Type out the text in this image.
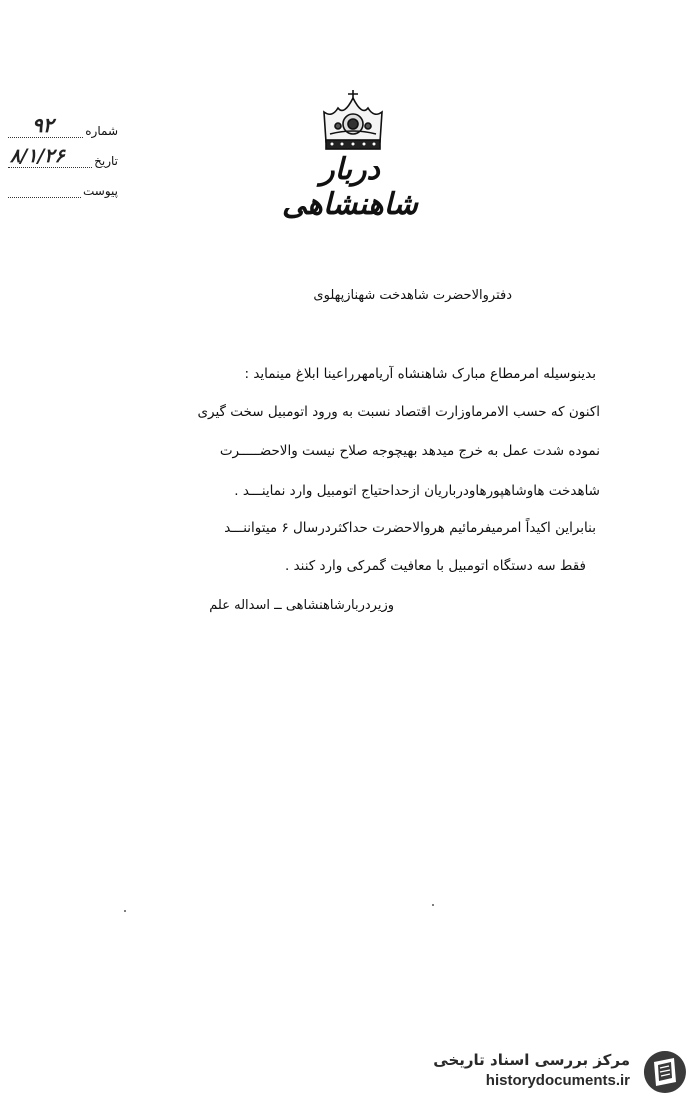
دربار شاهنشاهی
شماره
۹۲
تاریخ
۸/۱/۲۶
پیوست
دفتروالاحضرت شاهدخت شهنازپهلوی
بدینوسیله امرمطاع مبارک شاهنشاه آریامهرراعینا ابلاغ مینماید :
اکنون که حسب الامرماوزارت اقتصاد نسبت به ورود اتومبیل سخت گیری
نموده شدت عمل به خرج میدهد بهیچوجه صلاح نیست والاحضـــــرت
شاهدخت هاوشاهپورهاودرباریان ازحداحتیاج اتومبیل وارد نماینـــد .
بنابراین اکیداً امرمیفرمائیم هروالاحضرت حداکثردرسال ۶ میتواننـــد
فقط سه دستگاه اتومبیل با معافیت گمرکی وارد کنند .
وزیردربارشاهنشاهی ــ اسداله علم
مرکز بررسی اسناد تاریخی
historydocuments.ir
